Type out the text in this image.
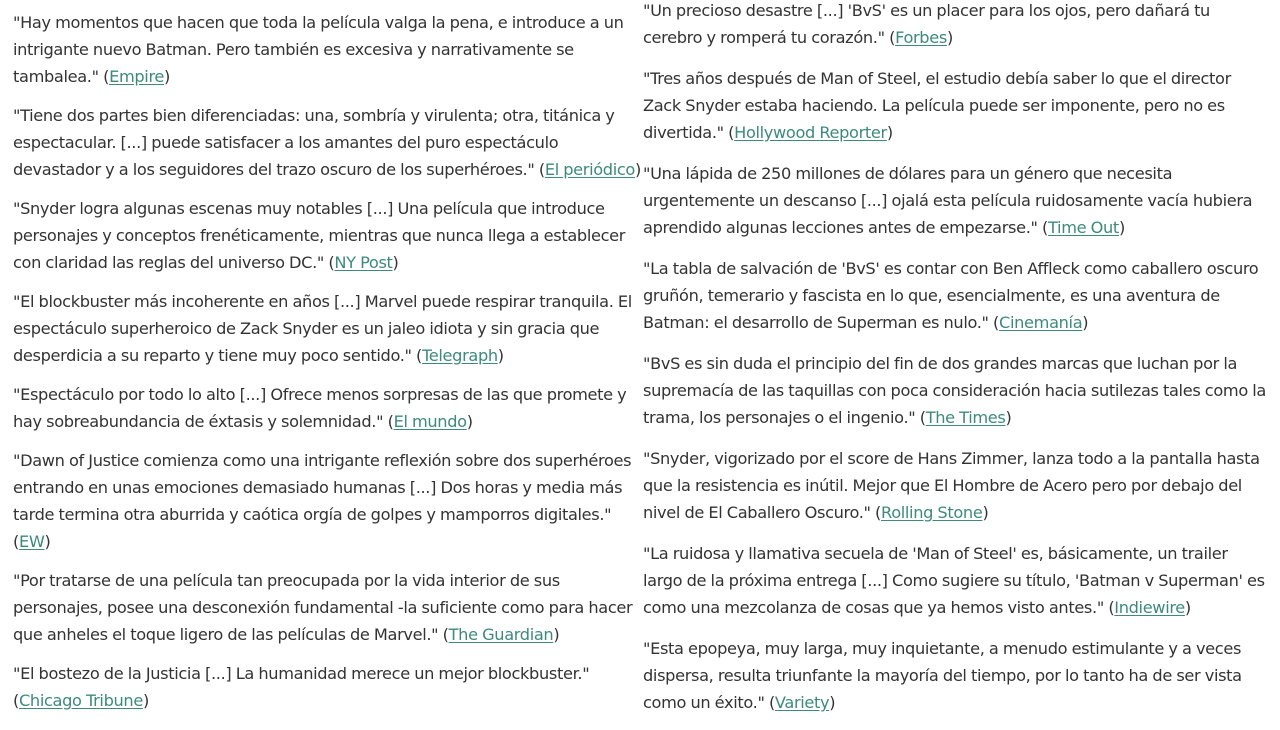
"Hay momentos que hacen que toda la película valga la pena, e introduce a un intrigante nuevo Batman. Pero también es excesiva y narrativamente se tambalea." (Empire)

"Tiene dos partes bien diferenciadas: una, sombría y virulenta; otra, titánica y espectacular. [...] puede satisfacer a los amantes del puro espectáculo devastador y a los seguidores del trazo oscuro de los superhéroes." (El periódico)

"Snyder logra algunas escenas muy notables [...] Una película que introduce personajes y conceptos frenéticamente, mientras que nunca llega a establecer con claridad las reglas del universo DC." (NY Post)

"El blockbuster más incoherente en años [...] Marvel puede respirar tranquila. El espectáculo superheroico de Zack Snyder es un jaleo idiota y sin gracia que desperdicia a su reparto y tiene muy poco sentido." (Telegraph)

"Espectáculo por todo lo alto [...] Ofrece menos sorpresas de las que promete y hay sobreabundancia de éxtasis y solemnidad." (El mundo)

"Dawn of Justice comienza como una intrigante reflexión sobre dos superhéroes entrando en unas emociones demasiado humanas [...] Dos horas y media más tarde termina otra aburrida y caótica orgía de golpes y mamporros digitales." (EW)

"Por tratarse de una película tan preocupada por la vida interior de sus personajes, posee una desconexión fundamental -la suficiente como para hacer que anheles el toque ligero de las películas de Marvel." (The Guardian)

"El bostezo de la Justicia [...] La humanidad merece un mejor blockbuster." (Chicago Tribune)

"Un precioso desastre [...] 'BvS' es un placer para los ojos, pero dañará tu cerebro y romperá tu corazón." (Forbes)

"Tres años después de Man of Steel, el estudio debía saber lo que el director Zack Snyder estaba haciendo. La película puede ser imponente, pero no es divertida." (Hollywood Reporter)

"Una lápida de 250 millones de dólares para un género que necesita urgentemente un descanso [...] ojalá esta película ruidosamente vacía hubiera aprendido algunas lecciones antes de empezarse." (Time Out)

"La tabla de salvación de 'BvS' es contar con Ben Affleck como caballero oscuro gruñón, temerario y fascista en lo que, esencialmente, es una aventura de Batman: el desarrollo de Superman es nulo." (Cinemanía)

"BvS es sin duda el principio del fin de dos grandes marcas que luchan por la supremacía de las taquillas con poca consideración hacia sutilezas tales como la trama, los personajes o el ingenio." (The Times)

"Snyder, vigorizado por el score de Hans Zimmer, lanza todo a la pantalla hasta que la resistencia es inútil. Mejor que El Hombre de Acero pero por debajo del nivel de El Caballero Oscuro." (Rolling Stone)

"La ruidosa y llamativa secuela de 'Man of Steel' es, básicamente, un trailer largo de la próxima entrega [...] Como sugiere su título, 'Batman v Superman' es como una mezcolanza de cosas que ya hemos visto antes." (Indiewire)

"Esta epopeya, muy larga, muy inquietante, a menudo estimulante y a veces dispersa, resulta triunfante la mayoría del tiempo, por lo tanto ha de ser vista como un éxito." (Variety)
